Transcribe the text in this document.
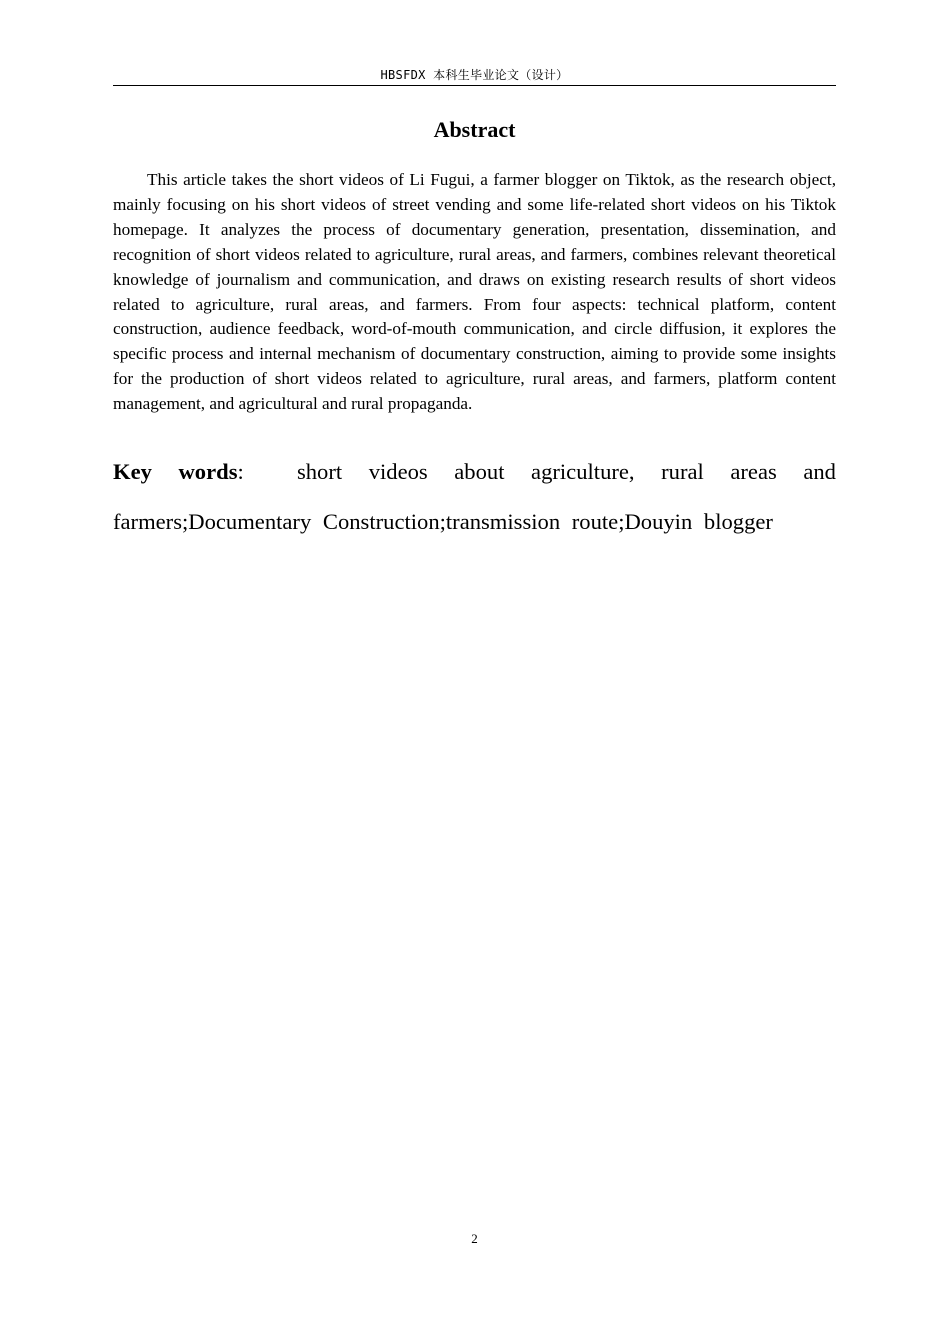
HBSFDX 本科生毕业论文（设计）
Abstract

This article takes the short videos of Li Fugui, a farmer blogger on Tiktok, as the research object, mainly focusing on his short videos of street vending and some life-related short videos on his Tiktok homepage. It analyzes the process of documentary generation, presentation, dissemination, and recognition of short videos related to agriculture, rural areas, and farmers, combines relevant theoretical knowledge of journalism and communication, and draws on existing research results of short videos related to agriculture, rural areas, and farmers. From four aspects: technical platform, content construction, audience feedback, word-of-mouth communication, and circle diffusion, it explores the specific process and internal mechanism of documentary construction, aiming to provide some insights for the production of short videos related to agriculture, rural areas, and farmers, platform content management, and agricultural and rural propaganda.

Key words: short videos about agriculture, rural areas and farmers;Documentary Construction;transmission route;Douyin blogger

2
